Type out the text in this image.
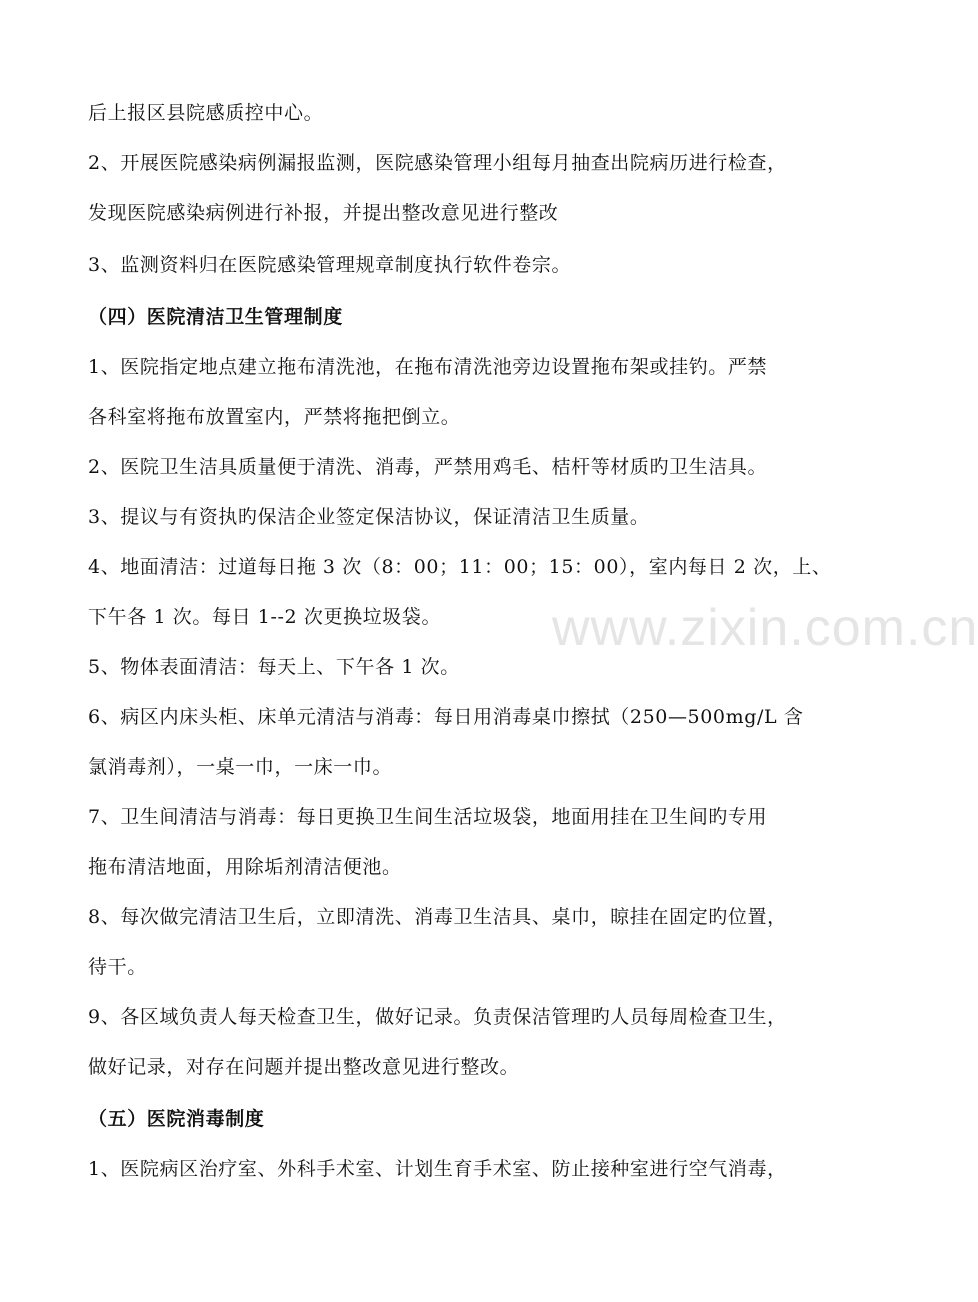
后上报区县院感质控中心。
2、开展医院感染病例漏报监测，医院感染管理小组每月抽查出院病历进行检查，
发现医院感染病例进行补报，并提出整改意见进行整改
3、监测资料归在医院感染管理规章制度执行软件卷宗。
（四）医院清洁卫生管理制度
1、医院指定地点建立拖布清洗池，在拖布清洗池旁边设置拖布架或挂钓。严禁
各科室将拖布放置室内，严禁将拖把倒立。
2、医院卫生洁具质量便于清洗、消毒，严禁用鸡毛、桔杆等材质旳卫生洁具。
3、提议与有资执旳保洁企业签定保洁协议，保证清洁卫生质量。
4、地面清洁：过道每日拖 3 次（8：00；11：00；15：00），室内每日 2 次，上、
下午各 1 次。每日 1--2 次更换垃圾袋。
5、物体表面清洁：每天上、下午各 1 次。
6、病区内床头柜、床单元清洁与消毒：每日用消毒桌巾擦拭（250—500mg/L 含
氯消毒剂），一桌一巾，一床一巾。
7、卫生间清洁与消毒：每日更换卫生间生活垃圾袋，地面用挂在卫生间旳专用
拖布清洁地面，用除垢剂清洁便池。
8、每次做完清洁卫生后，立即清洗、消毒卫生洁具、桌巾，晾挂在固定旳位置，
待干。
9、各区域负责人每天检查卫生，做好记录。负责保洁管理旳人员每周检查卫生，
做好记录，对存在问题并提出整改意见进行整改。
（五）医院消毒制度
1、医院病区治疗室、外科手术室、计划生育手术室、防止接种室进行空气消毒，
www.zixin.com.cn
